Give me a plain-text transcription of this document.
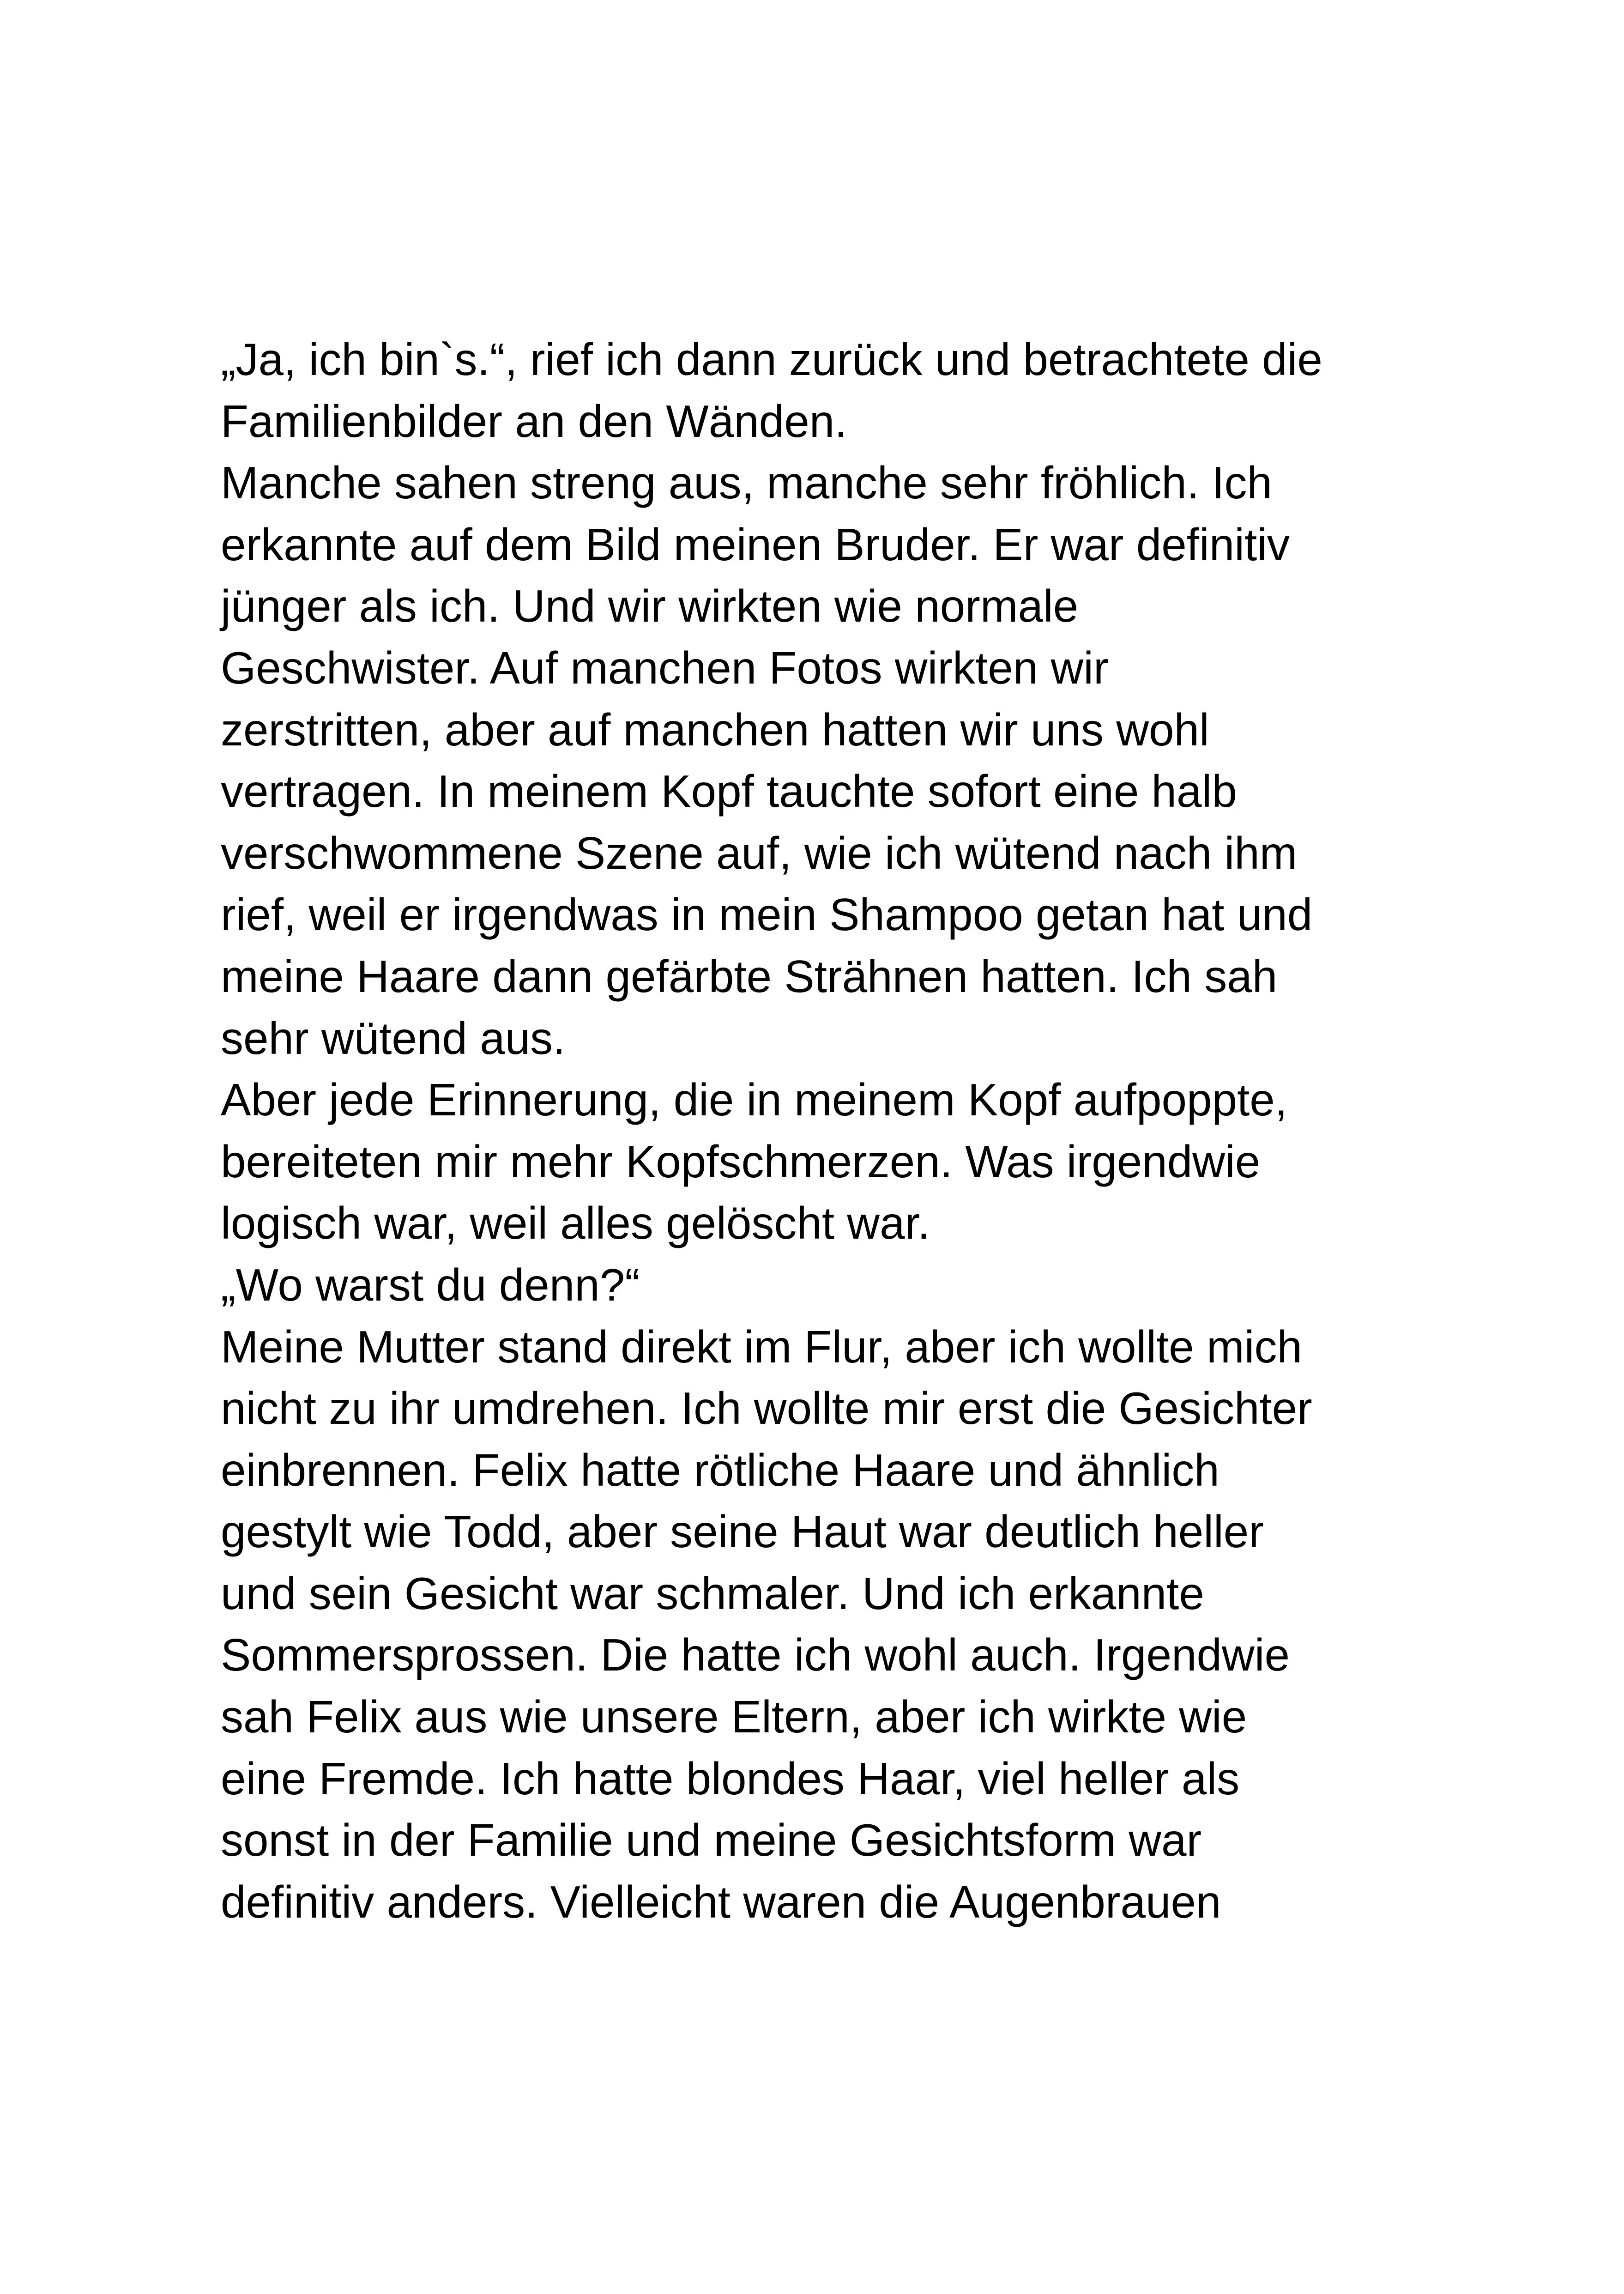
„Ja, ich bin`s.“, rief ich dann zurück und betrachtete die
Familienbilder an den Wänden.
Manche sahen streng aus, manche sehr fröhlich. Ich
erkannte auf dem Bild meinen Bruder. Er war definitiv
jünger als ich. Und wir wirkten wie normale
Geschwister. Auf manchen Fotos wirkten wir
zerstritten, aber auf manchen hatten wir uns wohl
vertragen. In meinem Kopf tauchte sofort eine halb
verschwommene Szene auf, wie ich wütend nach ihm
rief, weil er irgendwas in mein Shampoo getan hat und
meine Haare dann gefärbte Strähnen hatten. Ich sah
sehr wütend aus.
Aber jede Erinnerung, die in meinem Kopf aufpoppte,
bereiteten mir mehr Kopfschmerzen. Was irgendwie
logisch war, weil alles gelöscht war.
„Wo warst du denn?“
Meine Mutter stand direkt im Flur, aber ich wollte mich
nicht zu ihr umdrehen. Ich wollte mir erst die Gesichter
einbrennen. Felix hatte rötliche Haare und ähnlich
gestylt wie Todd, aber seine Haut war deutlich heller
und sein Gesicht war schmaler. Und ich erkannte
Sommersprossen. Die hatte ich wohl auch. Irgendwie
sah Felix aus wie unsere Eltern, aber ich wirkte wie
eine Fremde. Ich hatte blondes Haar, viel heller als
sonst in der Familie und meine Gesichtsform war
definitiv anders. Vielleicht waren die Augenbrauen
